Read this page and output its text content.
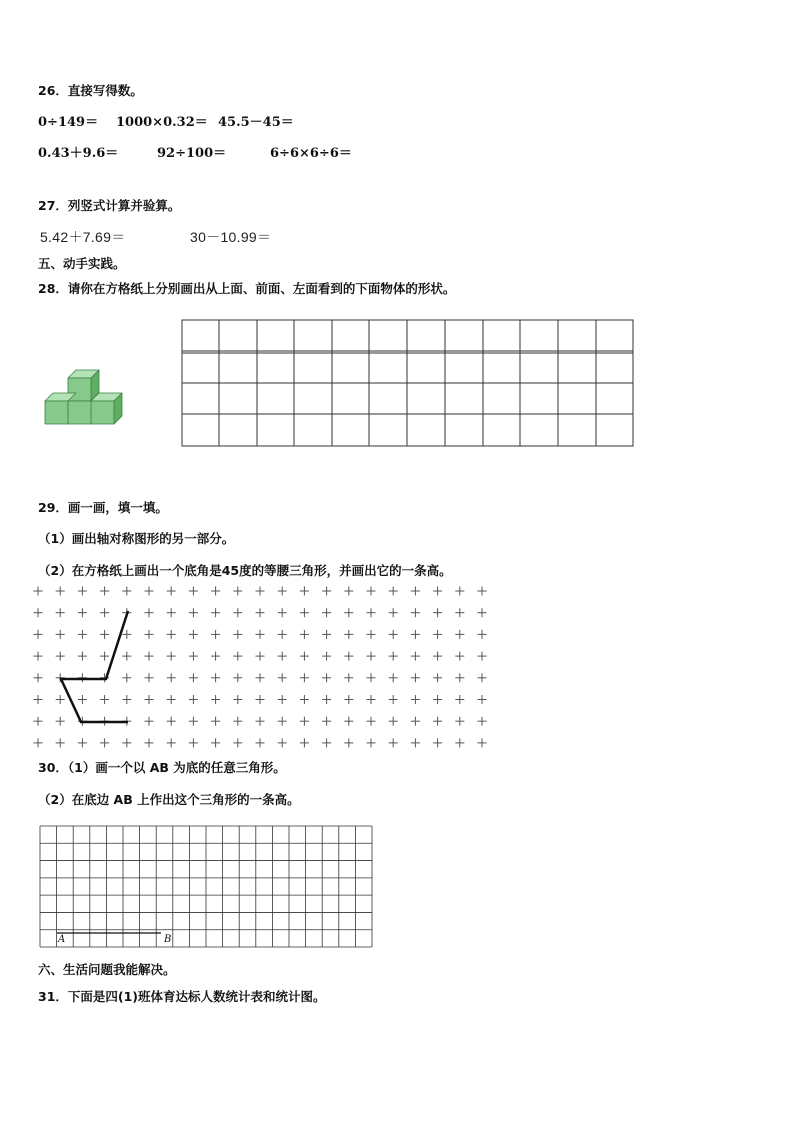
26．直接写得数。
0÷149＝ 1000×0.32＝ 45.5－45＝
0.43＋9.6＝	92÷100＝	6÷6×6÷6＝
27．列竖式计算并验算。
5.42＋7.69＝	30－10.99＝
五、动手实践。
28．请你在方格纸上分别画出从上面、前面、左面看到的下面物体的形状。
29．画一画，填一填。
（1）画出轴对称图形的另一部分。
（2）在方格纸上画出一个底角是45度的等腰三角形，并画出它的一条高。
30．（1）画一个以 AB 为底的任意三角形。
（2）在底边 AB 上作出这个三角形的一条高。
A	B
六、生活问题我能解决。
31．下面是四(1)班体育达标人数统计表和统计图。
